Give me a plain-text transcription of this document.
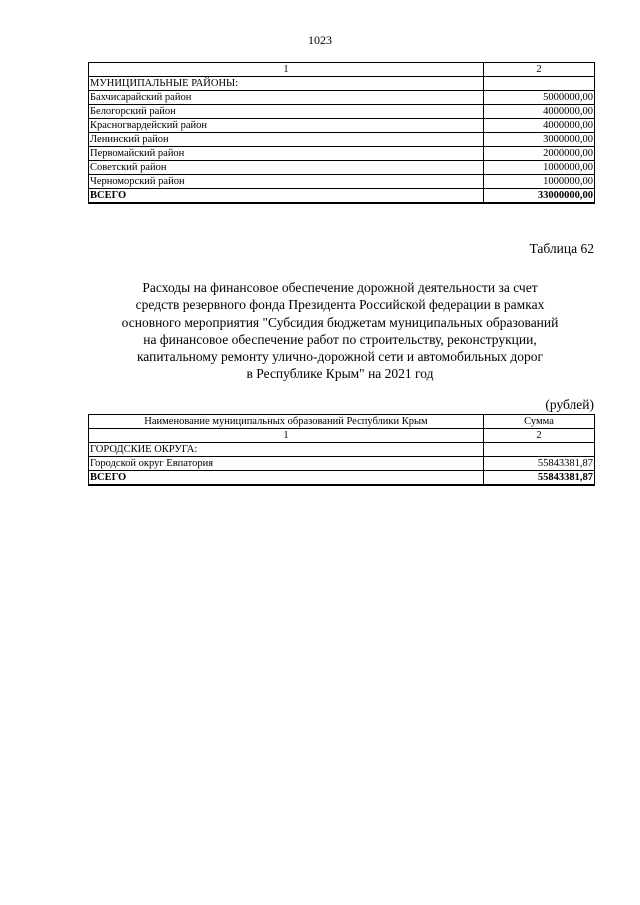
1023
1	2
МУНИЦИПАЛЬНЫЕ РАЙОНЫ:	
Бахчисарайский район	5000000,00
Белогорский район	4000000,00
Красногвардейский район	4000000,00
Ленинский район	3000000,00
Первомайский район	2000000,00
Советский район	1000000,00
Черноморский район	1000000,00
ВСЕГО	33000000,00
Таблица 62
Расходы на финансовое обеспечение дорожной деятельности за счет
средств резервного фонда Президента Российской федерации в рамках
основного мероприятия "Субсидия бюджетам муниципальных образований
на финансовое обеспечение работ по строительству, реконструкции,
капитальному ремонту улично-дорожной сети и автомобильных дорог
в Республике Крым" на 2021 год
(рублей)
Наименование муниципальных образований Республики Крым	Сумма
1	2
ГОРОДСКИЕ ОКРУГА:	
Городской округ Евпатория	55843381,87
ВСЕГО	55843381,87
